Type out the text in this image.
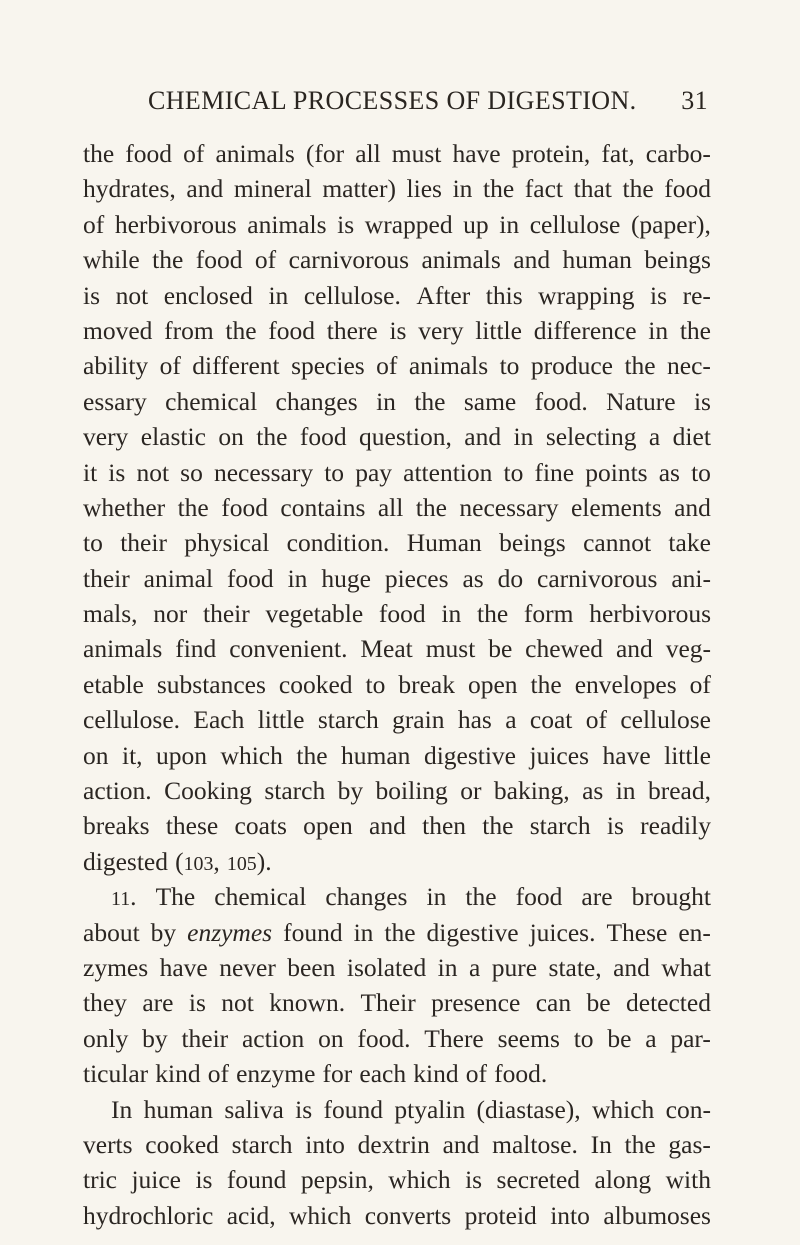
CHEMICAL PROCESSES OF DIGESTION. 31
the food of animals (for all must have protein, fat, carbo-
hydrates, and mineral matter) lies in the fact that the food
of herbivorous animals is wrapped up in cellulose (paper),
while the food of carnivorous animals and human beings
is not enclosed in cellulose. After this wrapping is re-
moved from the food there is very little difference in the
ability of different species of animals to produce the nec-
essary chemical changes in the same food. Nature is
very elastic on the food question, and in selecting a diet
it is not so necessary to pay attention to fine points as to
whether the food contains all the necessary elements and
to their physical condition. Human beings cannot take
their animal food in huge pieces as do carnivorous ani-
mals, nor their vegetable food in the form herbivorous
animals find convenient. Meat must be chewed and veg-
etable substances cooked to break open the envelopes of
cellulose. Each little starch grain has a coat of cellulose
on it, upon which the human digestive juices have little
action. Cooking starch by boiling or baking, as in bread,
breaks these coats open and then the starch is readily
digested (103, 105).
11. The chemical changes in the food are brought
about by enzymes found in the digestive juices. These en-
zymes have never been isolated in a pure state, and what
they are is not known. Their presence can be detected
only by their action on food. There seems to be a par-
ticular kind of enzyme for each kind of food.
In human saliva is found ptyalin (diastase), which con-
verts cooked starch into dextrin and maltose. In the gas-
tric juice is found pepsin, which is secreted along with
hydrochloric acid, which converts proteid into albumoses
